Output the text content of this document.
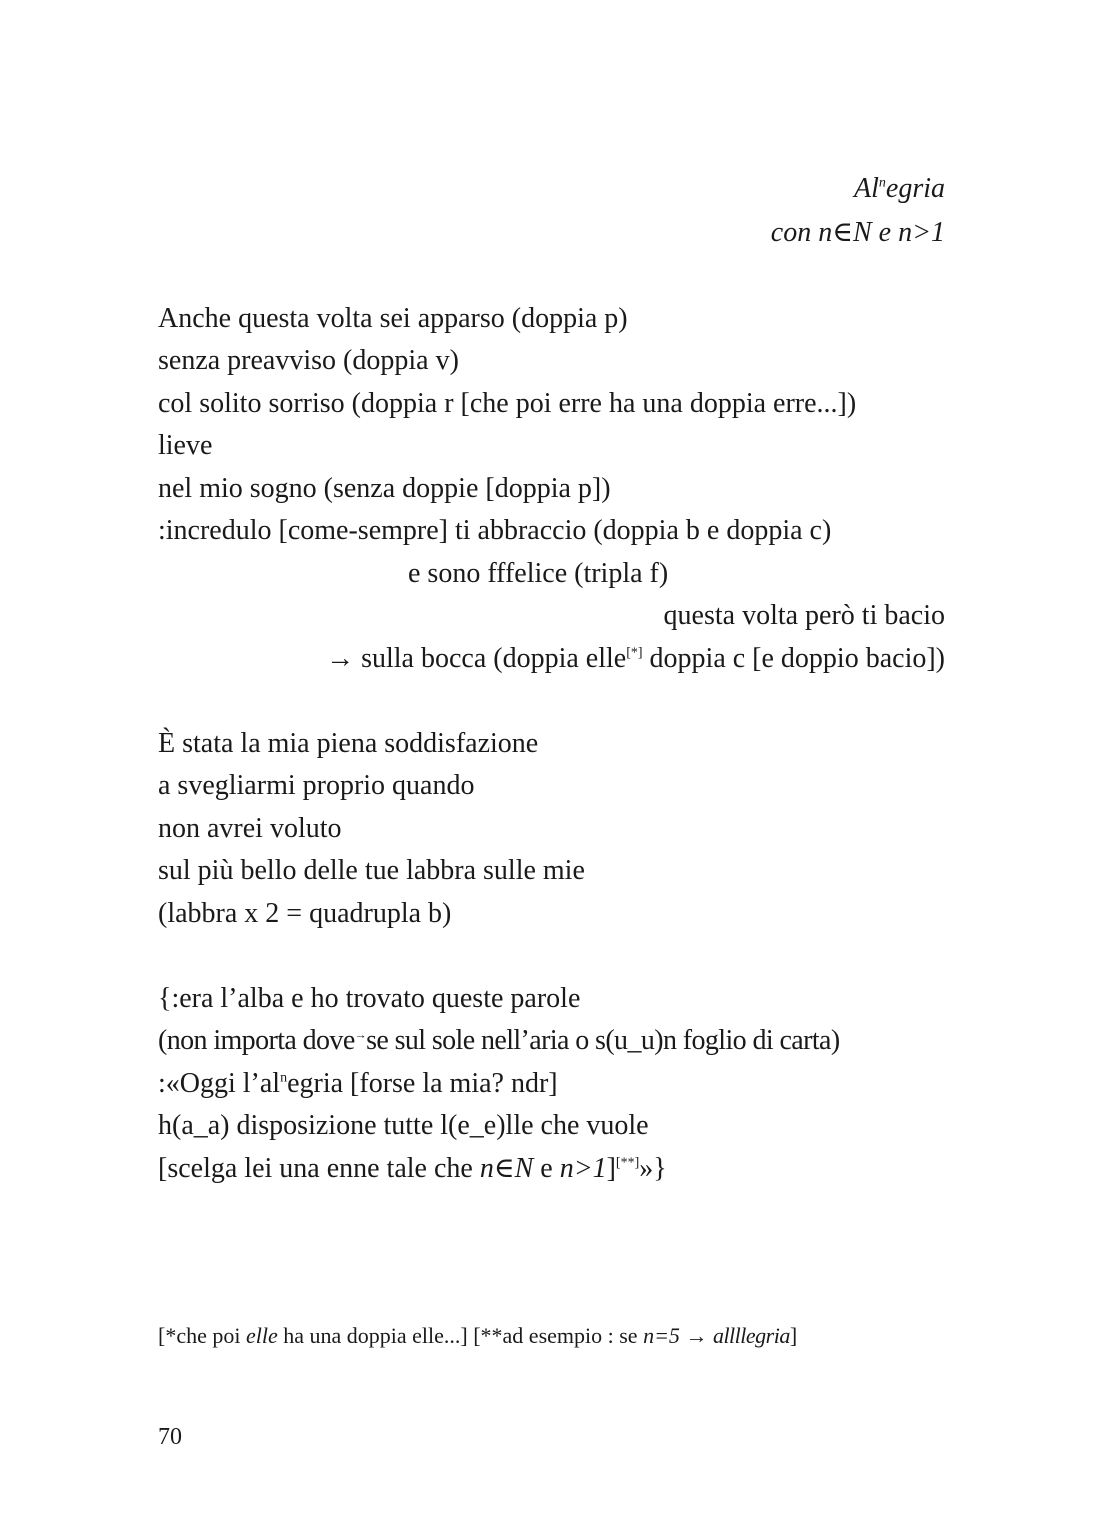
Al$^n$egria
con n∈N e n>1
Anche questa volta sei apparso (doppia p)
senza preavviso (doppia v)
col solito sorriso (doppia r [che poi erre ha una doppia erre...])
lieve
nel mio sogno (senza doppie [doppia p])
:incredulo [come-sempre] ti abbraccio (doppia b e doppia c)
e sono fffelice (tripla f)
questa volta però ti bacio
→ sulla bocca (doppia elle[*] doppia c [e doppio bacio])
È stata la mia piena soddisfazione
a svegliarmi proprio quando
non avrei voluto
sul più bello delle tue labbra sulle mie
(labbra x 2 = quadrupla b)
{:era l’alba e ho trovato queste parole
(non importa dove→se sul sole nell’aria o s(u_u)n foglio di carta)
:«Oggi $l’al^negria$ [forse la mia? ndr]
h(a_a) disposizione tutte l(e_e)lle che vuole
[scelga lei una enne tale che n∈N e n>1][**]»}
[*che poi elle ha una doppia elle...] [**ad esempio : se n=5 → allllegria]
70
